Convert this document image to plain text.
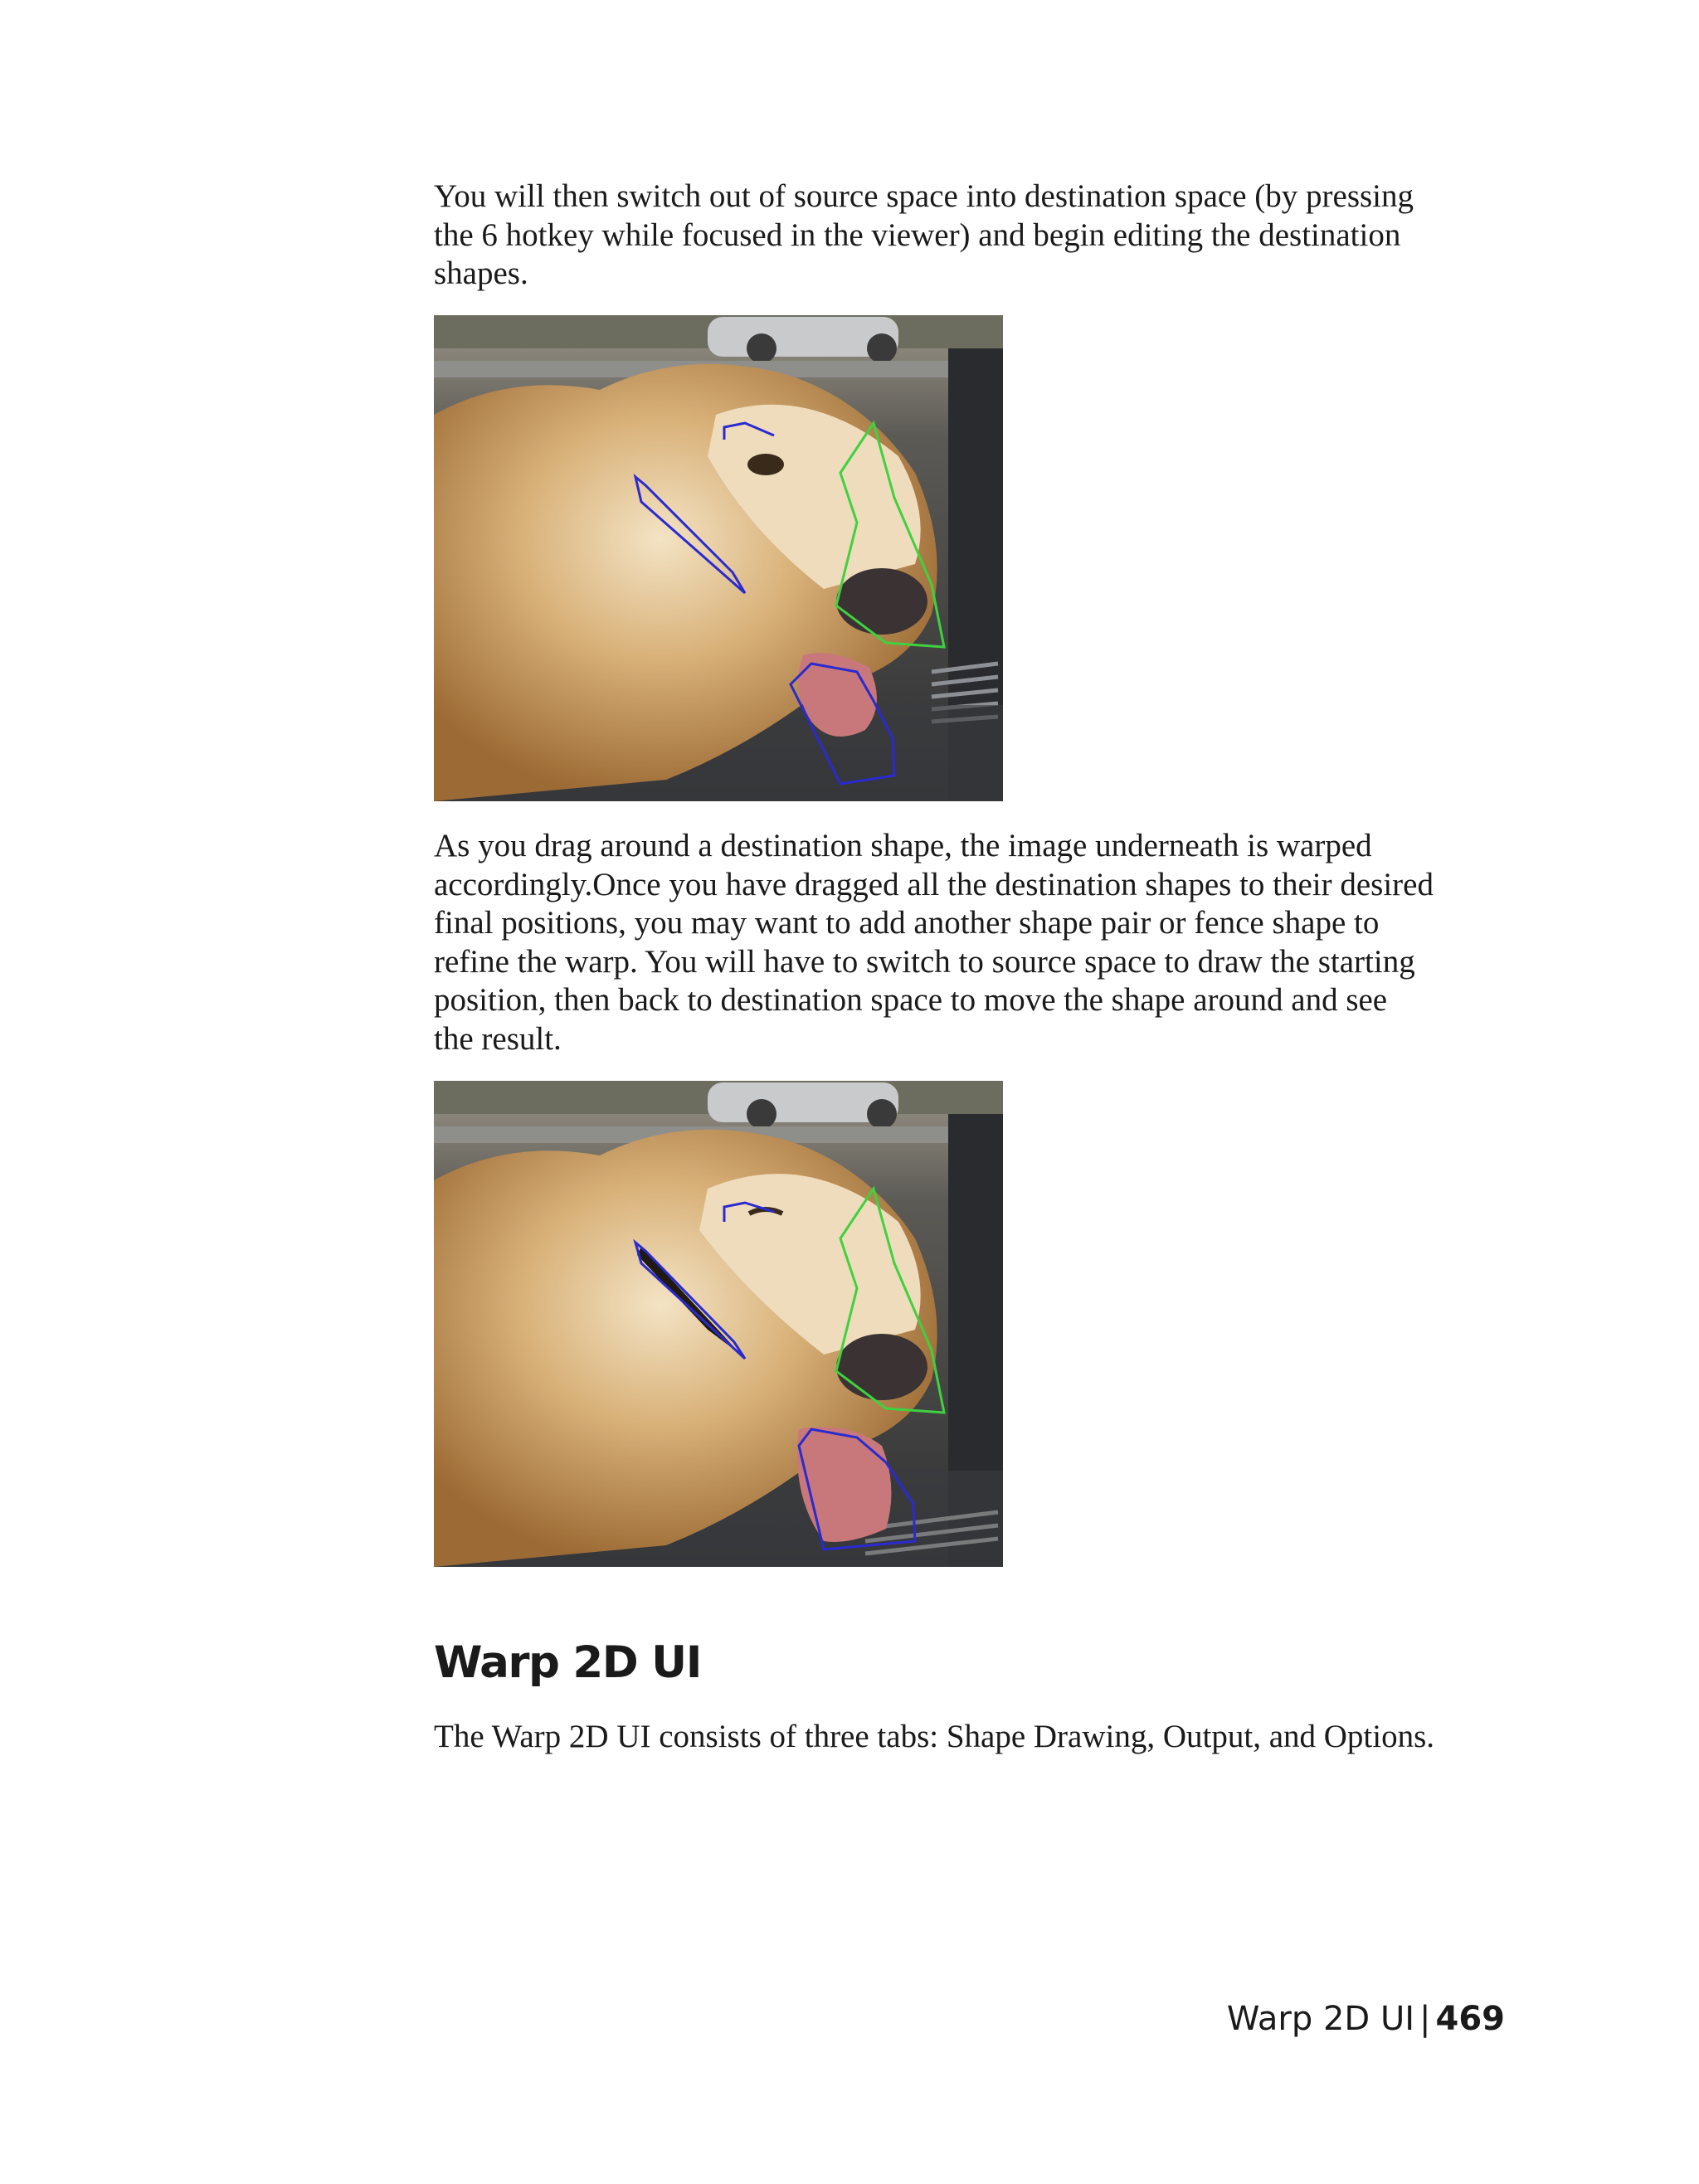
You will then switch out of source space into destination space (by pressing
the 6 hotkey while focused in the viewer) and begin editing the destination
shapes.

As you drag around a destination shape, the image underneath is warped
accordingly.Once you have dragged all the destination shapes to their desired
final positions, you may want to add another shape pair or fence shape to
refine the warp. You will have to switch to source space to draw the starting
position, then back to destination space to move the shape around and see
the result.

Warp 2D UI

The Warp 2D UI consists of three tabs: Shape Drawing, Output, and Options.

Warp 2D UI | 469
